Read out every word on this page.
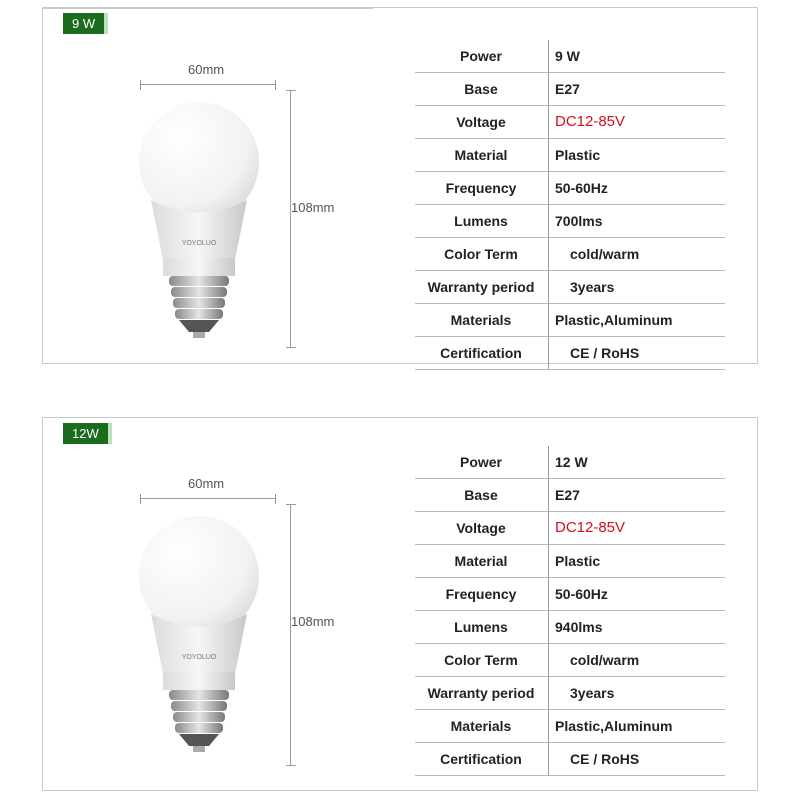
9 W
60mm
108mm
YOYOLUO
Power	9 W
Base	E27
Voltage	DC12-85V
Material	Plastic
Frequency	50-60Hz
Lumens	700lms
Color Term	cold/warm
Warranty period	3years
Materials	Plastic,Aluminum
Certification	CE / RoHS
12W
60mm
108mm
YOYOLUO
Power	12 W
Base	E27
Voltage	DC12-85V
Material	Plastic
Frequency	50-60Hz
Lumens	940lms
Color Term	cold/warm
Warranty period	3years
Materials	Plastic,Aluminum
Certification	CE / RoHS
